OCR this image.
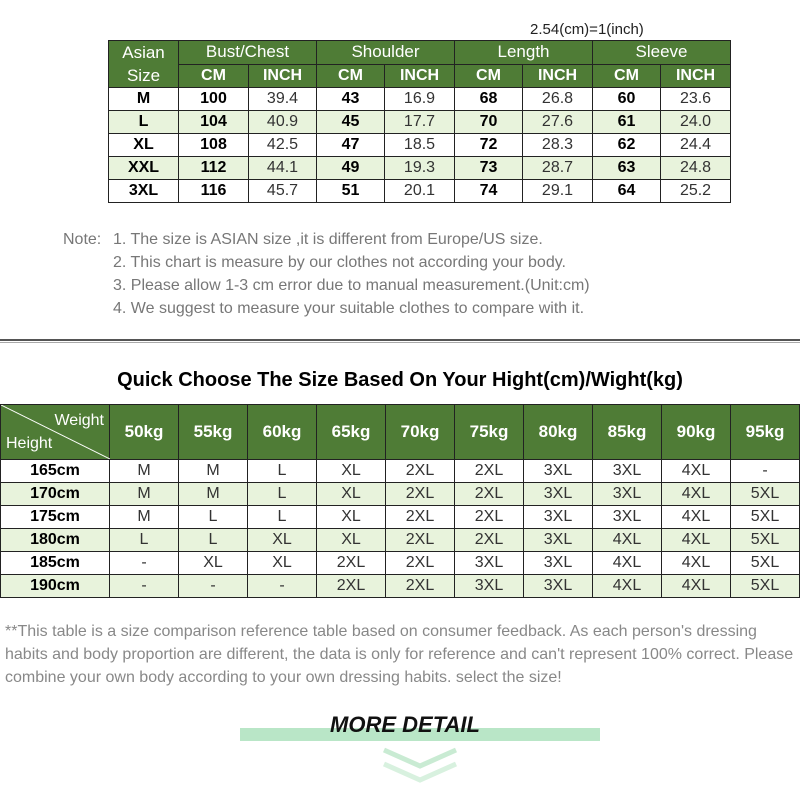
2.54(cm)=1(inch)
Asian
Size	Bust/Chest		Shoulder		Length		Sleeve	
	CM	INCH	CM	INCH	CM	INCH	CM	INCH
M	100	39.4	43	16.9	68	26.8	60	23.6
L	104	40.9	45	17.7	70	27.6	61	24.0
XL	108	42.5	47	18.5	72	28.3	62	24.4
XXL	112	44.1	49	19.3	73	28.7	63	24.8
3XL	116	45.7	51	20.1	74	29.1	64	25.2
Note: 1. The size is ASIAN size ,it is different from Europe/US size.
2. This chart is measure by our clothes not according your body.
3. Please allow 1-3 cm error due to manual measurement.(Unit:cm)
4. We suggest to measure your suitable clothes to compare with it.
Quick Choose The Size Based On Your Hight(cm)/Wight(kg)
Weight
Height	50kg	55kg	60kg	65kg	70kg	75kg	80kg	85kg	90kg	95kg
165cm	M	M	L	XL	2XL	2XL	3XL	3XL	4XL	-
170cm	M	M	L	XL	2XL	2XL	3XL	3XL	4XL	5XL
175cm	M	L	L	XL	2XL	2XL	3XL	3XL	4XL	5XL
180cm	L	L	XL	XL	2XL	2XL	3XL	4XL	4XL	5XL
185cm	-	XL	XL	2XL	2XL	3XL	3XL	4XL	4XL	5XL
190cm	-	-	-	2XL	2XL	3XL	3XL	4XL	4XL	5XL
**This table is a size comparison reference table based on consumer feedback. As each person's dressing habits and body proportion are different, the data is only for reference and can't represent 100% correct. Please combine your own body according to your own dressing habits. select the size!
MORE DETAIL
